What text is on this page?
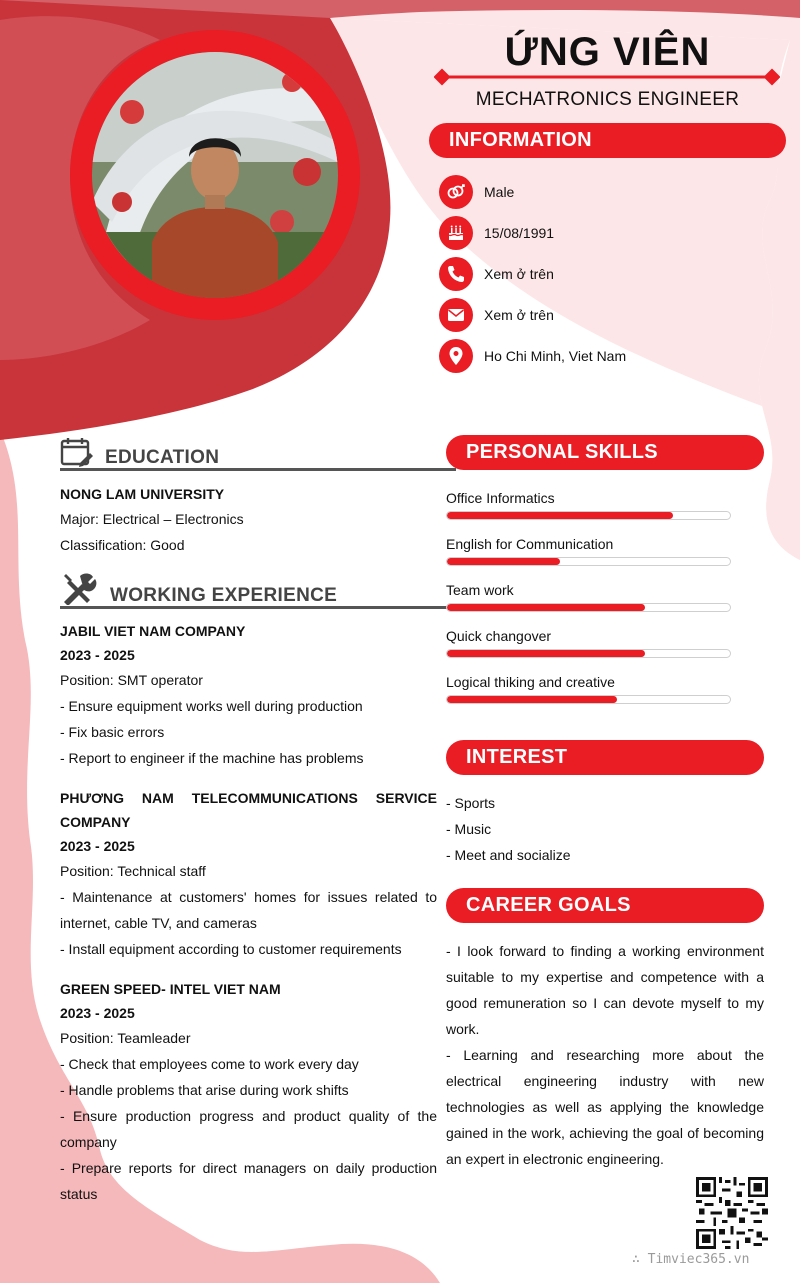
ỨNG VIÊN
MECHATRONICS ENGINEER
INFORMATION
Male
15/08/1991
Xem ở trên
Xem ở trên
Ho Chi Minh, Viet Nam
EDUCATION
NONG LAM UNIVERSITY
Major: Electrical – Electronics
Classification: Good
WORKING EXPERIENCE
JABIL VIET NAM COMPANY
2023 - 2025
Position: SMT operator
- Ensure equipment works well during production
- Fix basic errors
- Report to engineer if the machine has problems
PHƯƠNG NAM TELECOMMUNICATIONS SERVICE COMPANY
2023 - 2025
Position: Technical staff
- Maintenance at customers' homes for issues related to internet, cable TV, and cameras
- Install equipment according to customer requirements
GREEN SPEED- INTEL VIET NAM
2023 - 2025
Position: Teamleader
- Check that employees come to work every day
- Handle problems that arise during work shifts
- Ensure production progress and product quality of the company
- Prepare reports for direct managers on daily production status
PERSONAL SKILLS
Office Informatics
English for Communication
Team work
Quick changover
Logical thiking and creative
INTEREST
- Sports
- Music
- Meet and socialize
CAREER GOALS
- I look forward to finding a working environment suitable to my expertise and competence with a good remuneration so I can devote myself to my work.
- Learning and researching more about the electrical engineering industry with new technologies as well as applying the knowledge gained in the work, achieving the goal of becoming an expert in electronic engineering.
∴ Timviec365.vn
